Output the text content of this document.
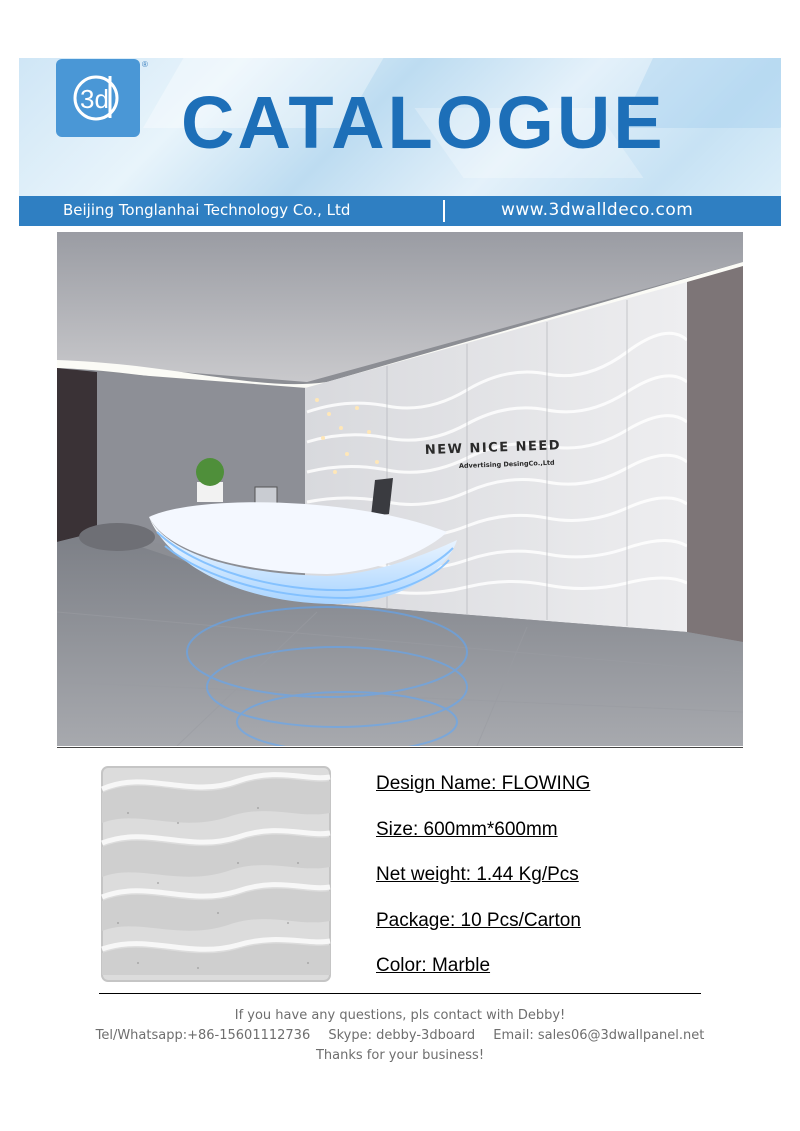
3d
®
CATALOGUE
Beijing Tonglanhai Technology Co., Ltd	www.3dwalldeco.com
NEW NICE NEED
Advertising DesingCo.,Ltd
Design Name: FLOWING
Size: 600mm*600mm
Net weight: 1.44 Kg/Pcs
Package: 10 Pcs/Carton
Color: Marble
If you have any questions, pls contact with Debby!
Tel/Whatsapp:+86-15601112736 Skype: debby-3dboard Email: sales06@3dwallpanel.net
Thanks for your business!
